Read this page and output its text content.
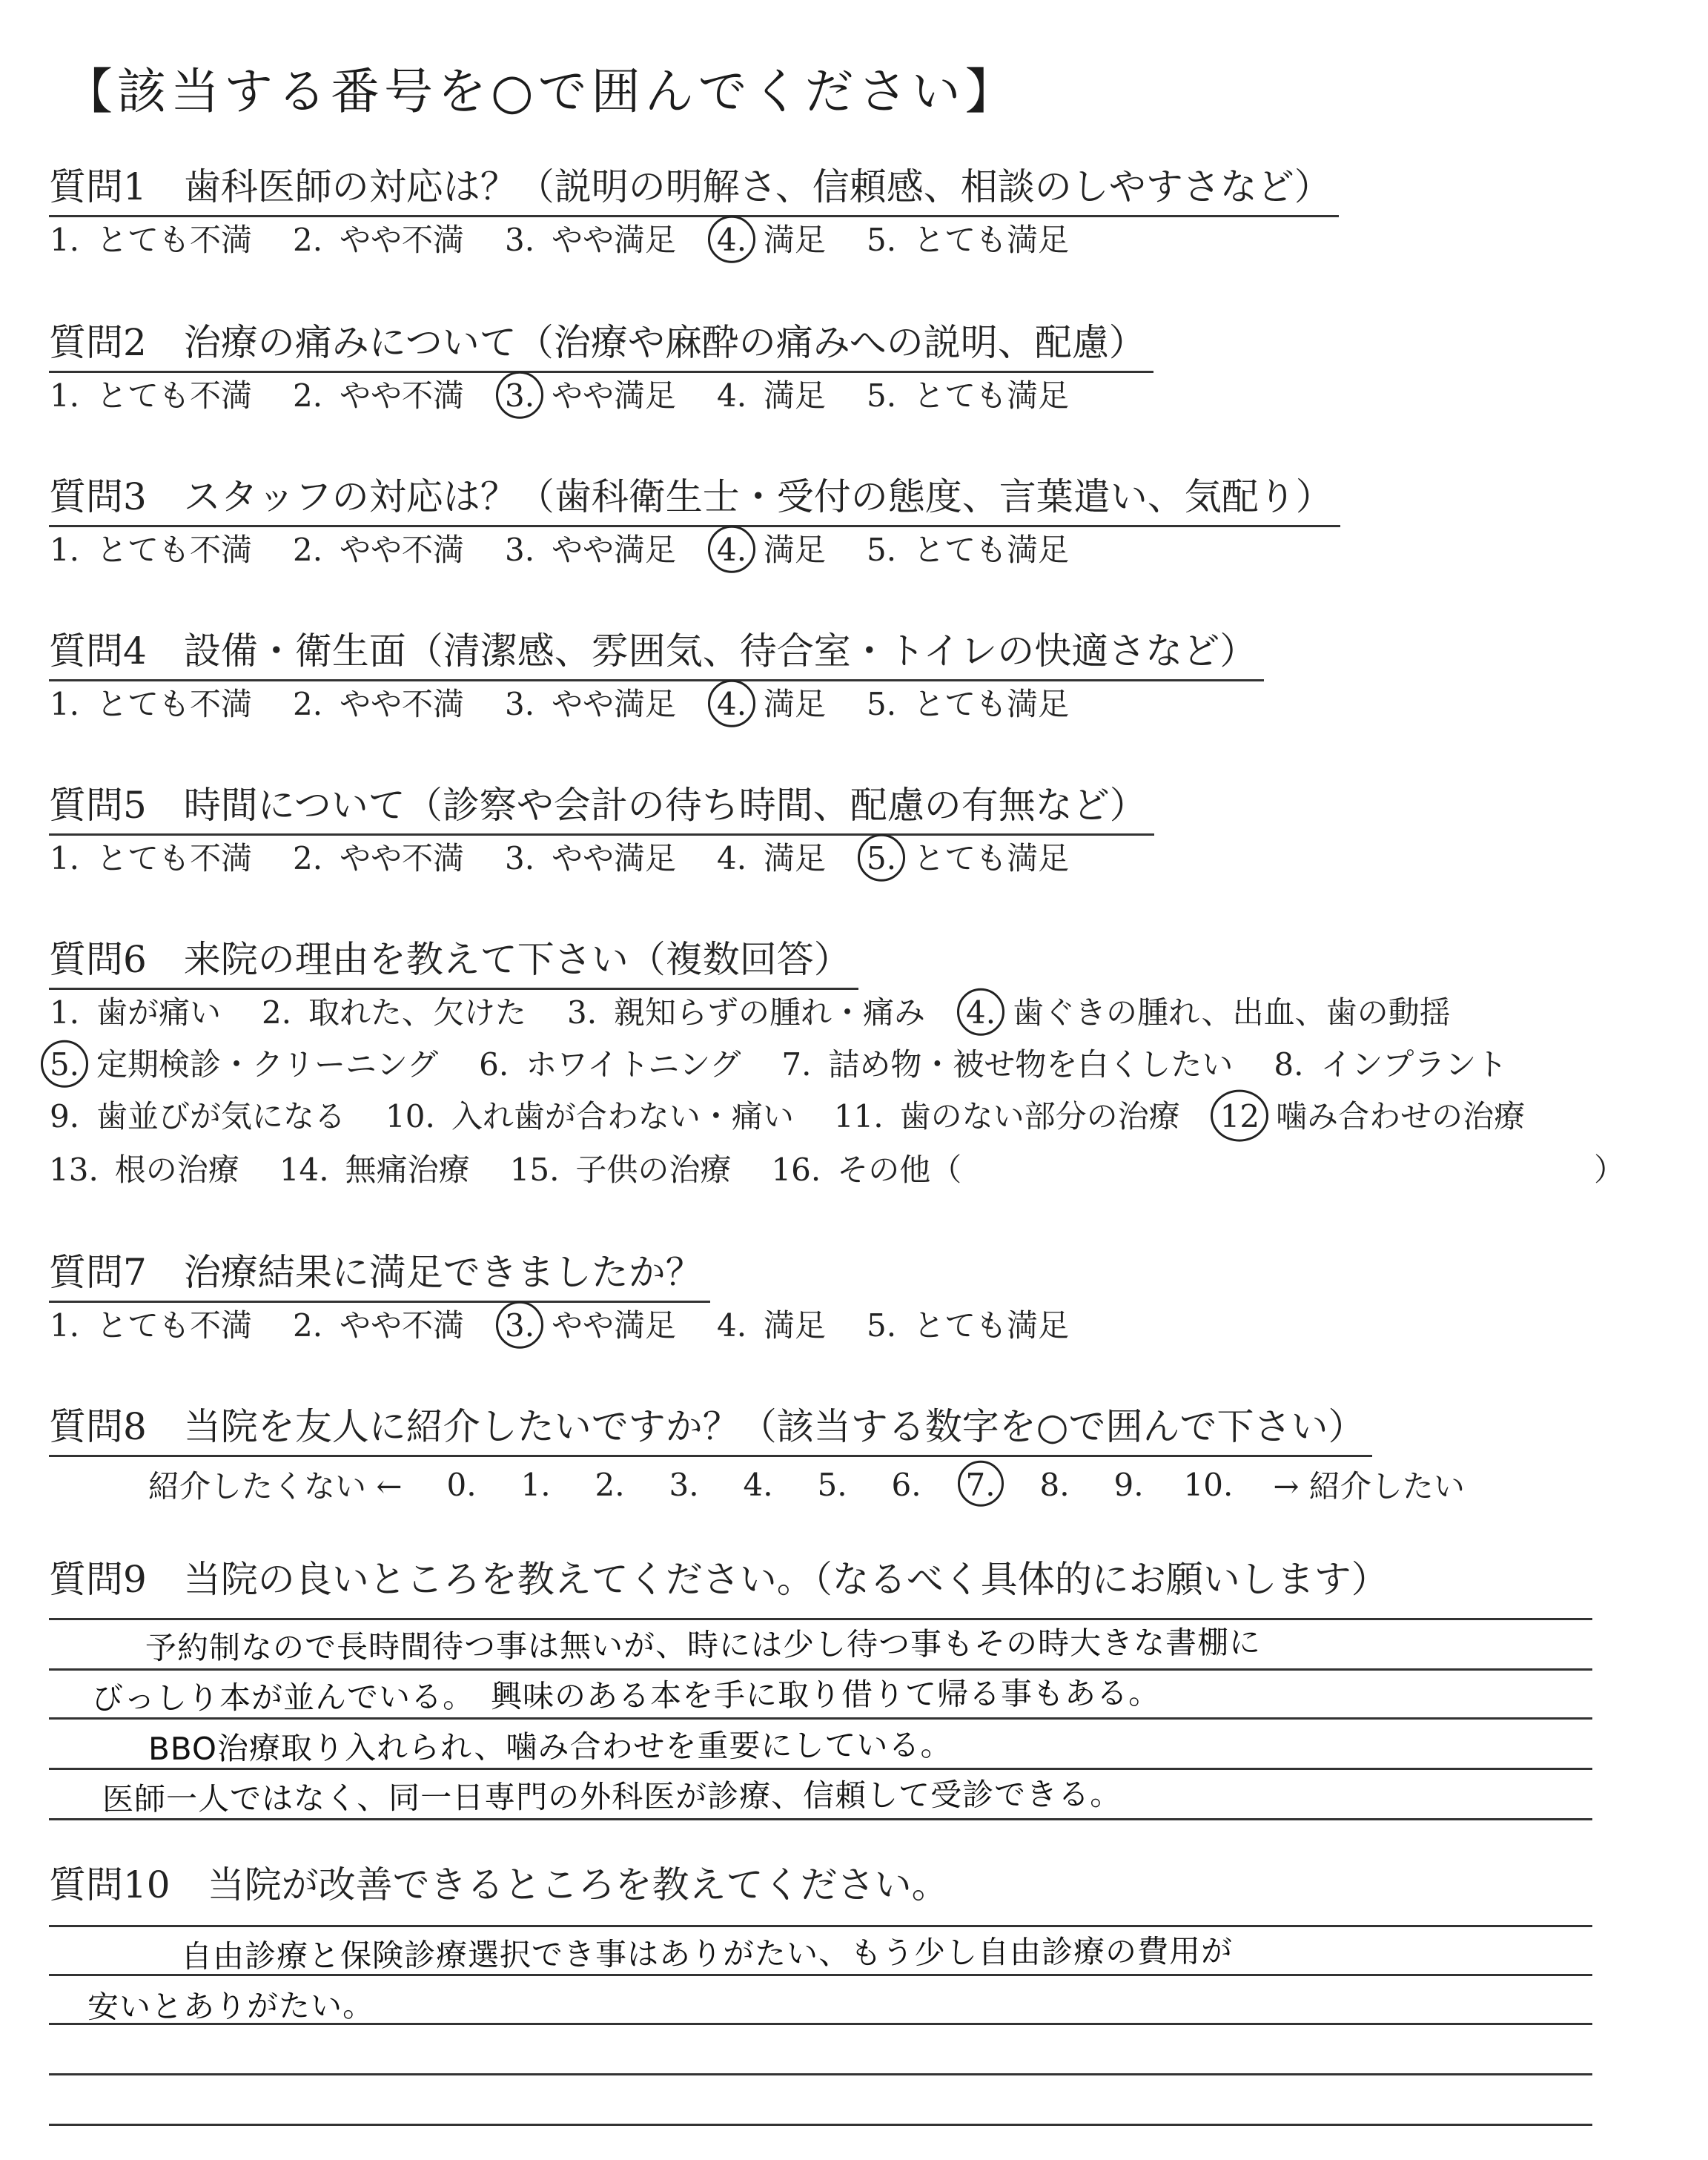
【該当する番号を○で囲んでください】
質問1　歯科医師の対応は？（説明の明解さ、信頼感、相談のしやすさなど）
1. とても不満 2. やや不満 3. やや満足 4. 満足 5. とても満足
質問2　治療の痛みについて（治療や麻酔の痛みへの説明、配慮）
1. とても不満 2. やや不満 3. やや満足 4. 満足 5. とても満足
質問3　スタッフの対応は？（歯科衛生士・受付の態度、言葉遣い、気配り）
1. とても不満 2. やや不満 3. やや満足 4. 満足 5. とても満足
質問4　設備・衛生面（清潔感、雰囲気、待合室・トイレの快適さなど）
1. とても不満 2. やや不満 3. やや満足 4. 満足 5. とても満足
質問5　時間について（診察や会計の待ち時間、配慮の有無など）
1. とても不満 2. やや不満 3. やや満足 4. 満足 5. とても満足
質問6　来院の理由を教えて下さい（複数回答）
1. 歯が痛い 2. 取れた、欠けた 3. 親知らずの腫れ・痛み 4. 歯ぐきの腫れ、出血、歯の動揺
5. 定期検診・クリーニング 6. ホワイトニング 7. 詰め物・被せ物を白くしたい 8. インプラント
9. 歯並びが気になる 10. 入れ歯が合わない・痛い 11. 歯のない部分の治療 12 噛み合わせの治療
13. 根の治療 14. 無痛治療 15. 子供の治療 16. その他（	）
質問7　治療結果に満足できましたか？
1. とても不満 2. やや不満 3. やや満足 4. 満足 5. とても満足
質問8　当院を友人に紹介したいですか？（該当する数字を○で囲んで下さい）
紹介したくない ← 0. 1. 2. 3. 4. 5. 6. 7. 8. 9. 10. → 紹介したい
質問9　当院の良いところを教えてください。（なるべく具体的にお願いします）
予約制なので長時間待つ事は無いが、時には少し待つ事もその時大きな書棚に
びっしり本が並んでいる。　興味のある本を手に取り借りて帰る事もある。
BBO治療取り入れられ、噛み合わせを重要にしている。
医師一人ではなく、同一日専門の外科医が診療、信頼して受診できる。
質問10　当院が改善できるところを教えてください。
自由診療と保険診療選択でき事はありがたい、もう少し自由診療の費用が
安いとありがたい。
